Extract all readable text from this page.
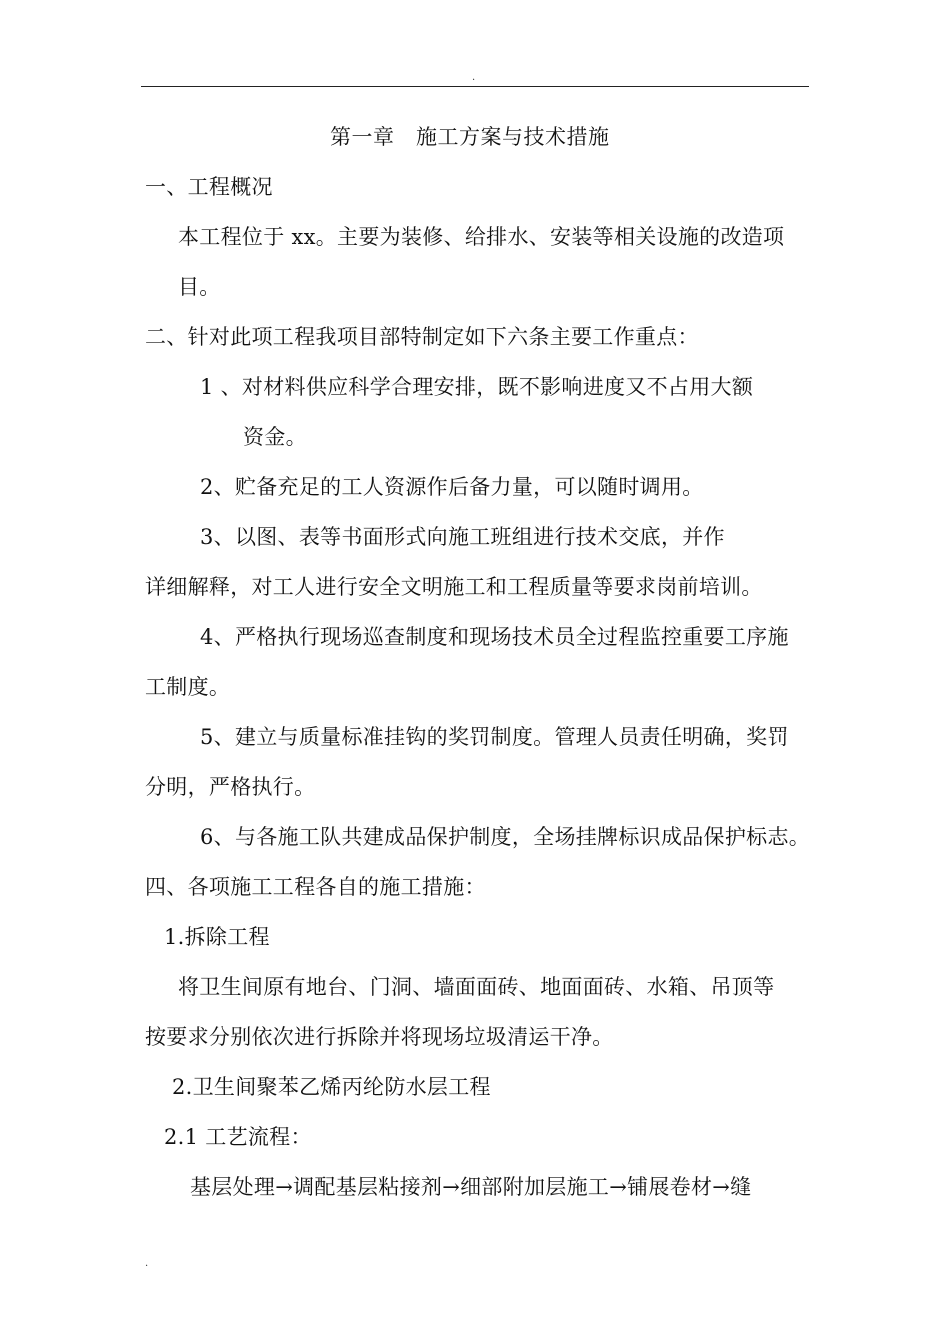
.
第一章　施工方案与技术措施
一、工程概况
本工程位于 xx。主要为装修、给排水、安装等相关设施的改造项
目。
二、针对此项工程我项目部特制定如下六条主要工作重点：
1 、对材料供应科学合理安排，既不影响进度又不占用大额
资金。
2、贮备充足的工人资源作后备力量，可以随时调用。
3、以图、表等书面形式向施工班组进行技术交底，并作
详细解释，对工人进行安全文明施工和工程质量等要求岗前培训。
4、严格执行现场巡查制度和现场技术员全过程监控重要工序施
工制度。
5、建立与质量标准挂钩的奖罚制度。管理人员责任明确，奖罚
分明，严格执行。
6、与各施工队共建成品保护制度，全场挂牌标识成品保护标志。
四、各项施工工程各自的施工措施：
1.拆除工程
将卫生间原有地台、门洞、墙面面砖、地面面砖、水箱、吊顶等
按要求分别依次进行拆除并将现场垃圾清运干净。
2.卫生间聚苯乙烯丙纶防水层工程
2.1 工艺流程：
基层处理→调配基层粘接剂→细部附加层施工→铺展卷材→缝
.
